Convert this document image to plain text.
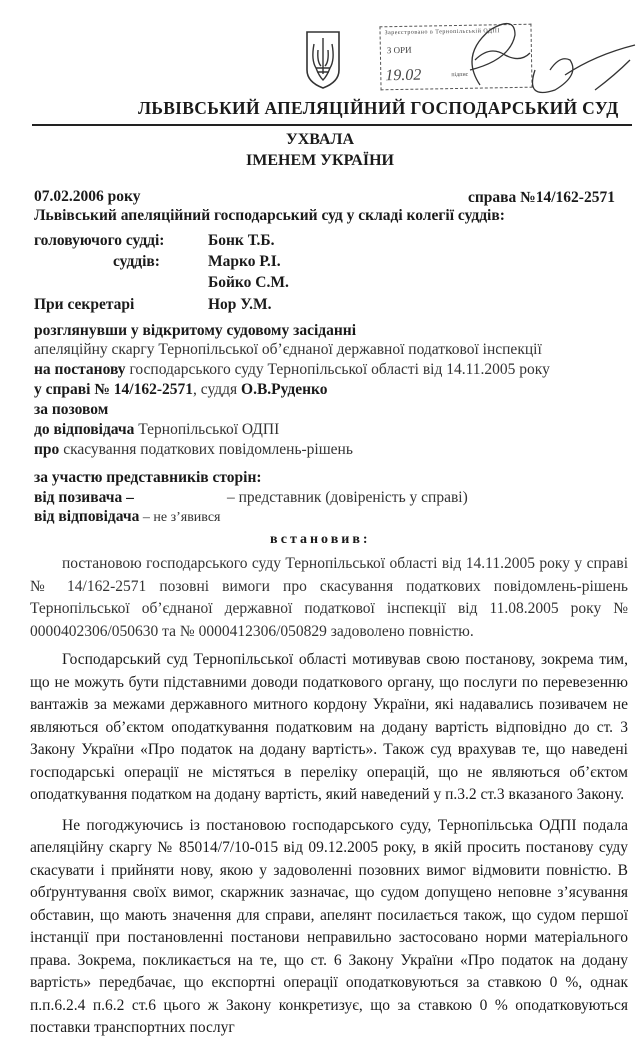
Зареєстровано в Тернопільській ОДПІ
З ОРИ
19.02	підпис
ЛЬВІВСЬКИЙ АПЕЛЯЦІЙНИЙ ГОСПОДАРСЬКИЙ СУД
УХВАЛА
ІМЕНЕМ УКРАЇНИ
07.02.2006 року	справа №14/162-2571
Львівський апеляційний господарський суд у складі колегії суддів:
головуючого судді:	Бонк Т.Б.
суддів:	Марко Р.І.
Бойко С.М.
При секретарі	Нор У.М.
розглянувши у відкритому судовому засіданні
апеляційну скаргу Тернопільської об’єднаної державної податкової інспекції
на постанову господарського суду Тернопільської області від 14.11.2005 року
у справі № 14/162-2571, суддя О.В.Руденко
за позовом
до відповідача Тернопільської ОДПІ
про скасування податкових повідомлень-рішень
за участю представників сторін:
від позивача –	– представник (довіреність у справі)
від відповідача – не з’явився
встановив:

постановою господарського суду Тернопільської області від 14.11.2005 року у справі № 14/162-2571 позовні вимоги про скасування податкових повідомлень-рішень Тернопільської об’єднаної державної податкової інспекції від 11.08.2005 року № 0000402306/050630 та № 0000412306/050829 задоволено повністю.

Господарський суд Тернопільської області мотивував свою постанову, зокрема тим, що не можуть бути підставними доводи податкового органу, що послуги по перевезенню вантажів за межами державного митного кордону України, які надавались позивачем не являються об’єктом оподаткування податковим на додану вартість відповідно до ст. 3 Закону України «Про податок на додану вартість». Також суд врахував те, що наведені господарські операції не містяться в переліку операцій, що не являються об’єктом оподаткування податком на додану вартість, який наведений у п.3.2 ст.3 вказаного Закону.

Не погоджуючись із постановою господарського суду, Тернопільська ОДПІ подала апеляційну скаргу № 85014/7/10-015 від 09.12.2005 року, в якій просить постанову суду скасувати і прийняти нову, якою у задоволенні позовних вимог відмовити повністю. В обґрунтування своїх вимог, скаржник зазначає, що судом допущено неповне з’ясування обставин, що мають значення для справи, апелянт посилається також, що судом першої інстанції при постановленні постанови неправильно застосовано норми матеріального права. Зокрема, покликається на те, що ст. 6 Закону України «Про податок на додану вартість» передбачає, що експортні операції оподатковуються за ставкою 0 %, однак п.п.6.2.4 п.6.2 ст.6 цього ж Закону конкретизує, що за ставкою 0 % оподатковуються поставки транспортних послуг
